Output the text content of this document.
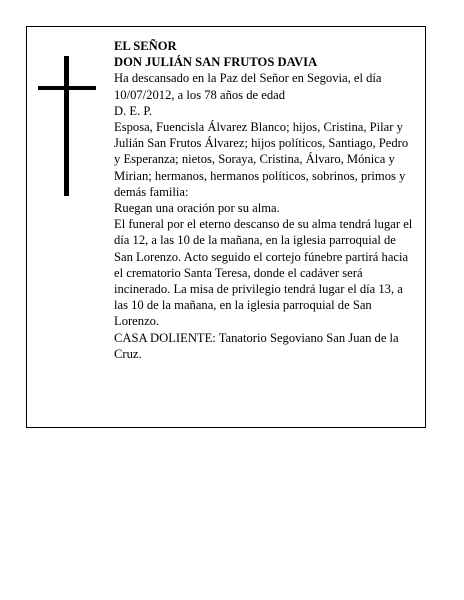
EL SEÑOR

DON JULIÁN SAN FRUTOS DAVIA

Ha descansado en la Paz del Señor en Segovia, el día 10/07/2012, a los 78 años de edad

D. E. P.

Esposa, Fuencisla Álvarez Blanco; hijos, Cristina, Pilar y Julián San Frutos Álvarez; hijos políticos, Santiago, Pedro y Esperanza; nietos, Soraya, Cristina, Álvaro, Mónica y Mirian; hermanos, hermanos políticos, sobrinos, primos y demás familia:

Ruegan una oración por su alma.

El funeral por el eterno descanso de su alma tendrá lugar el día 12, a las 10 de la mañana, en la iglesia parroquial de San Lorenzo. Acto seguido el cortejo fúnebre partirá hacia el crematorio Santa Teresa, donde el cadáver será incinerado. La misa de privilegio tendrá lugar el día 13, a las 10 de la mañana, en la iglesia parroquial de San Lorenzo.

CASA DOLIENTE: Tanatorio Segoviano San Juan de la Cruz.
